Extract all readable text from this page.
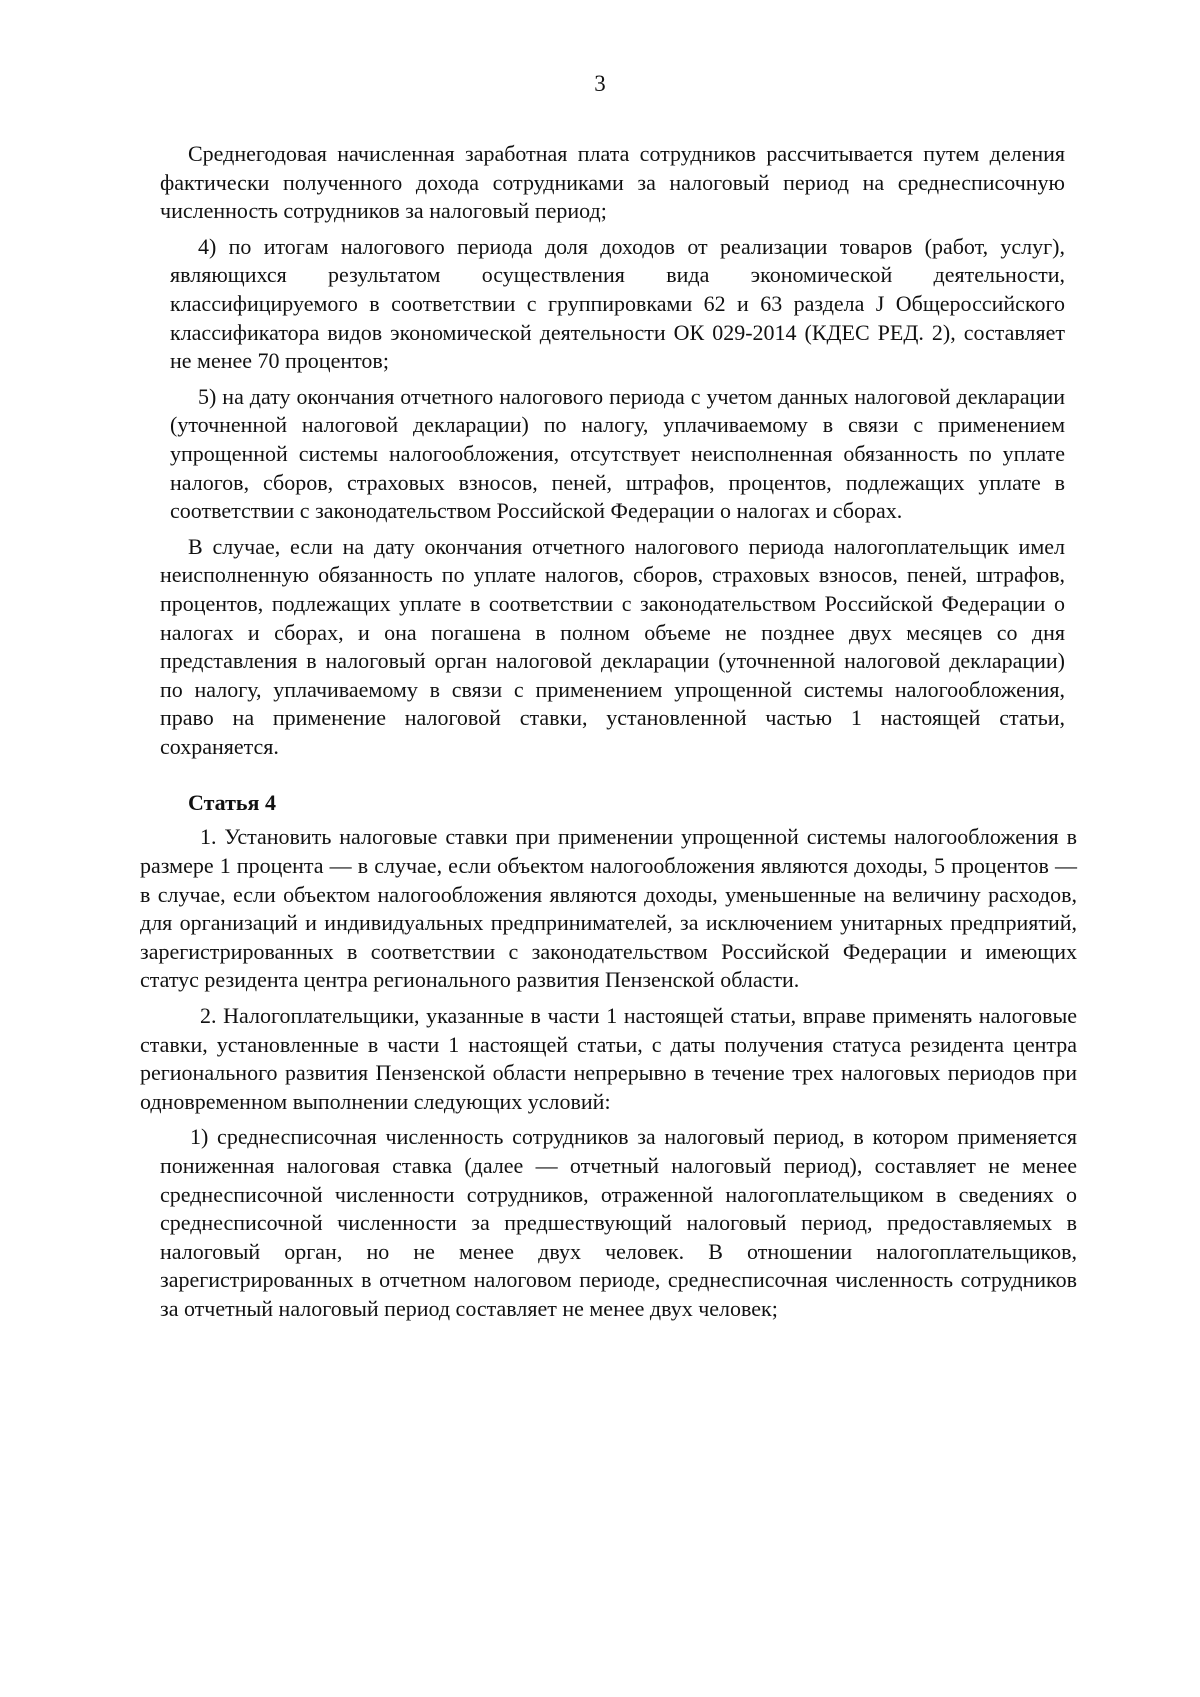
3

Среднегодовая начисленная заработная плата сотрудников рассчитывается путем деления фактически полученного дохода сотрудниками за налоговый период на среднесписочную численность сотрудников за налоговый период;

4) по итогам налогового периода доля доходов от реализации товаров (работ, услуг), являющихся результатом осуществления вида экономической деятельности, классифицируемого в соответствии с группировками 62 и 63 раздела J Общероссийского классификатора видов экономической деятельности ОК 029-2014 (КДЕС РЕД. 2), составляет не менее 70 процентов;

5) на дату окончания отчетного налогового периода с учетом данных налоговой декларации (уточненной налоговой декларации) по налогу, уплачиваемому в связи с применением упрощенной системы налогообложения, отсутствует неисполненная обязанность по уплате налогов, сборов, страховых взносов, пеней, штрафов, процентов, подлежащих уплате в соответствии с законодательством Российской Федерации о налогах и сборах.

В случае, если на дату окончания отчетного налогового периода налогоплательщик имел неисполненную обязанность по уплате налогов, сборов, страховых взносов, пеней, штрафов, процентов, подлежащих уплате в соответствии с законодательством Российской Федерации о налогах и сборах, и она погашена в полном объеме не позднее двух месяцев со дня представления в налоговый орган налоговой декларации (уточненной налоговой декларации) по налогу, уплачиваемому в связи с применением упрощенной системы налогообложения, право на применение налоговой ставки, установленной частью 1 настоящей статьи, сохраняется.

Статья 4

1. Установить налоговые ставки при применении упрощенной системы налогообложения в размере 1 процента — в случае, если объектом налогообложения являются доходы, 5 процентов — в случае, если объектом налогообложения являются доходы, уменьшенные на величину расходов, для организаций и индивидуальных предпринимателей, за исключением унитарных предприятий, зарегистрированных в соответствии с законодательством Российской Федерации и имеющих статус резидента центра регионального развития Пензенской области.

2. Налогоплательщики, указанные в части 1 настоящей статьи, вправе применять налоговые ставки, установленные в части 1 настоящей статьи, с даты получения статуса резидента центра регионального развития Пензенской области непрерывно в течение трех налоговых периодов при одновременном выполнении следующих условий:

1) среднесписочная численность сотрудников за налоговый период, в котором применяется пониженная налоговая ставка (далее — отчетный налоговый период), составляет не менее среднесписочной численности сотрудников, отраженной налогоплательщиком в сведениях о среднесписочной численности за предшествующий налоговый период, предоставляемых в налоговый орган, но не менее двух человек. В отношении налогоплательщиков, зарегистрированных в отчетном налоговом периоде, среднесписочная численность сотрудников за отчетный налоговый период составляет не менее двух человек;
